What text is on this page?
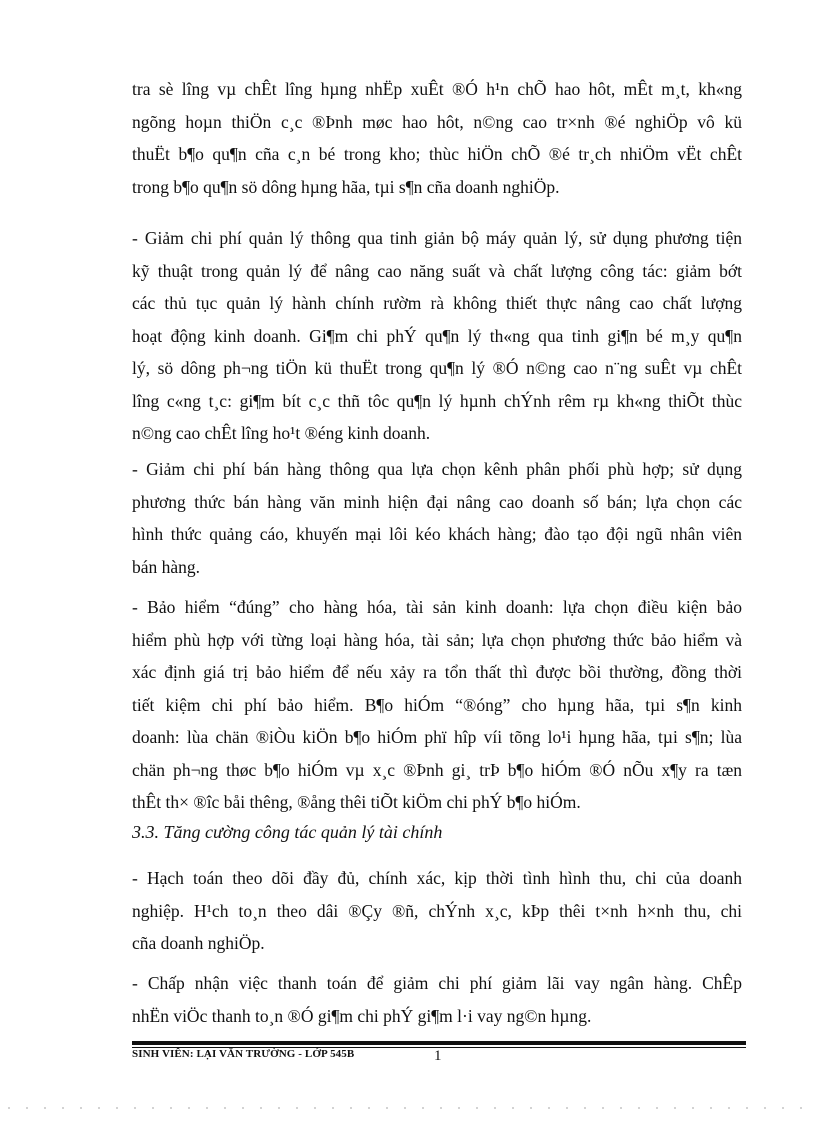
tra sè lîng vµ chÊt lîng hµng nhËp xuÊt ®Ó h¹n chÕ hao hôt, mÊt m¸t, kh«ng
ngõng hoµn thiÖn c¸c ®Þnh møc hao hôt, n©ng cao tr×nh ®é nghiÖp vô kü
thuËt b¶o qu¶n cña c¸n bé trong kho; thùc hiÖn chÕ ®é tr¸ch nhiÖm vËt chÊt
trong b¶o qu¶n sö dông hµng hãa, tµi s¶n cña doanh nghiÖp.
- Giảm chi phí quản lý thông qua tinh giản bộ máy quản lý, sử dụng phương tiện
kỹ thuật trong quản lý để nâng cao năng suất và chất lượng công tác: giảm bớt
các thủ tục quản lý hành chính rườm rà không thiết thực nâng cao chất lượng
hoạt động kinh doanh. Gi¶m chi phÝ qu¶n lý th«ng qua tinh gi¶n bé m¸y qu¶n
lý, sö dông ph¬ng tiÖn kü thuËt trong qu¶n lý ®Ó n©ng cao n¨ng suÊt vµ chÊt
lîng c«ng t¸c: gi¶m bít c¸c thñ tôc qu¶n lý hµnh chÝnh rêm rµ kh«ng thiÕt thùc
n©ng cao chÊt lîng ho¹t ®éng kinh doanh.
- Giảm chi phí bán hàng thông qua lựa chọn kênh phân phối phù hợp; sử dụng
phương thức bán hàng văn minh hiện đại nâng cao doanh số bán; lựa chọn các
hình thức quảng cáo, khuyến mại lôi kéo khách hàng; đào tạo đội ngũ nhân viên
bán hàng.
- Bảo hiểm “đúng” cho hàng hóa, tài sản kinh doanh: lựa chọn điều kiện bảo
hiểm phù hợp với từng loại hàng hóa, tài sản; lựa chọn phương thức bảo hiểm và
xác định giá trị bảo hiểm để nếu xảy ra tổn thất thì được bồi thường, đồng thời
tiết kiệm chi phí bảo hiểm. B¶o hiÓm “®óng” cho hµng hãa, tµi s¶n kinh
doanh: lùa chän ®iÒu kiÖn b¶o hiÓm phï hîp víi tõng lo¹i hµng hãa, tµi s¶n; lùa
chän ph¬ng thøc b¶o hiÓm vµ x¸c ®Þnh gi¸ trÞ b¶o hiÓm ®Ó nÕu x¶y ra tæn
thÊt th× ®îc båi thêng, ®ång thêi tiÕt kiÖm chi phÝ b¶o hiÓm.
3.3. Tăng cường công tác quản lý tài chính
- Hạch toán theo dõi đầy đủ, chính xác, kịp thời tình hình thu, chi của doanh
nghiệp. H¹ch to¸n theo dâi ®Çy ®ñ, chÝnh x¸c, kÞp thêi t×nh h×nh thu, chi
cña doanh nghiÖp.
- Chấp nhận việc thanh toán để giảm chi phí giảm lãi vay ngân hàng. ChÊp
nhËn viÖc thanh to¸n ®Ó gi¶m chi phÝ gi¶m l·i vay ng©n hµng.
SINH VIÊN: LẠI VĂN TRƯỜNG - LỚP 545B	1
